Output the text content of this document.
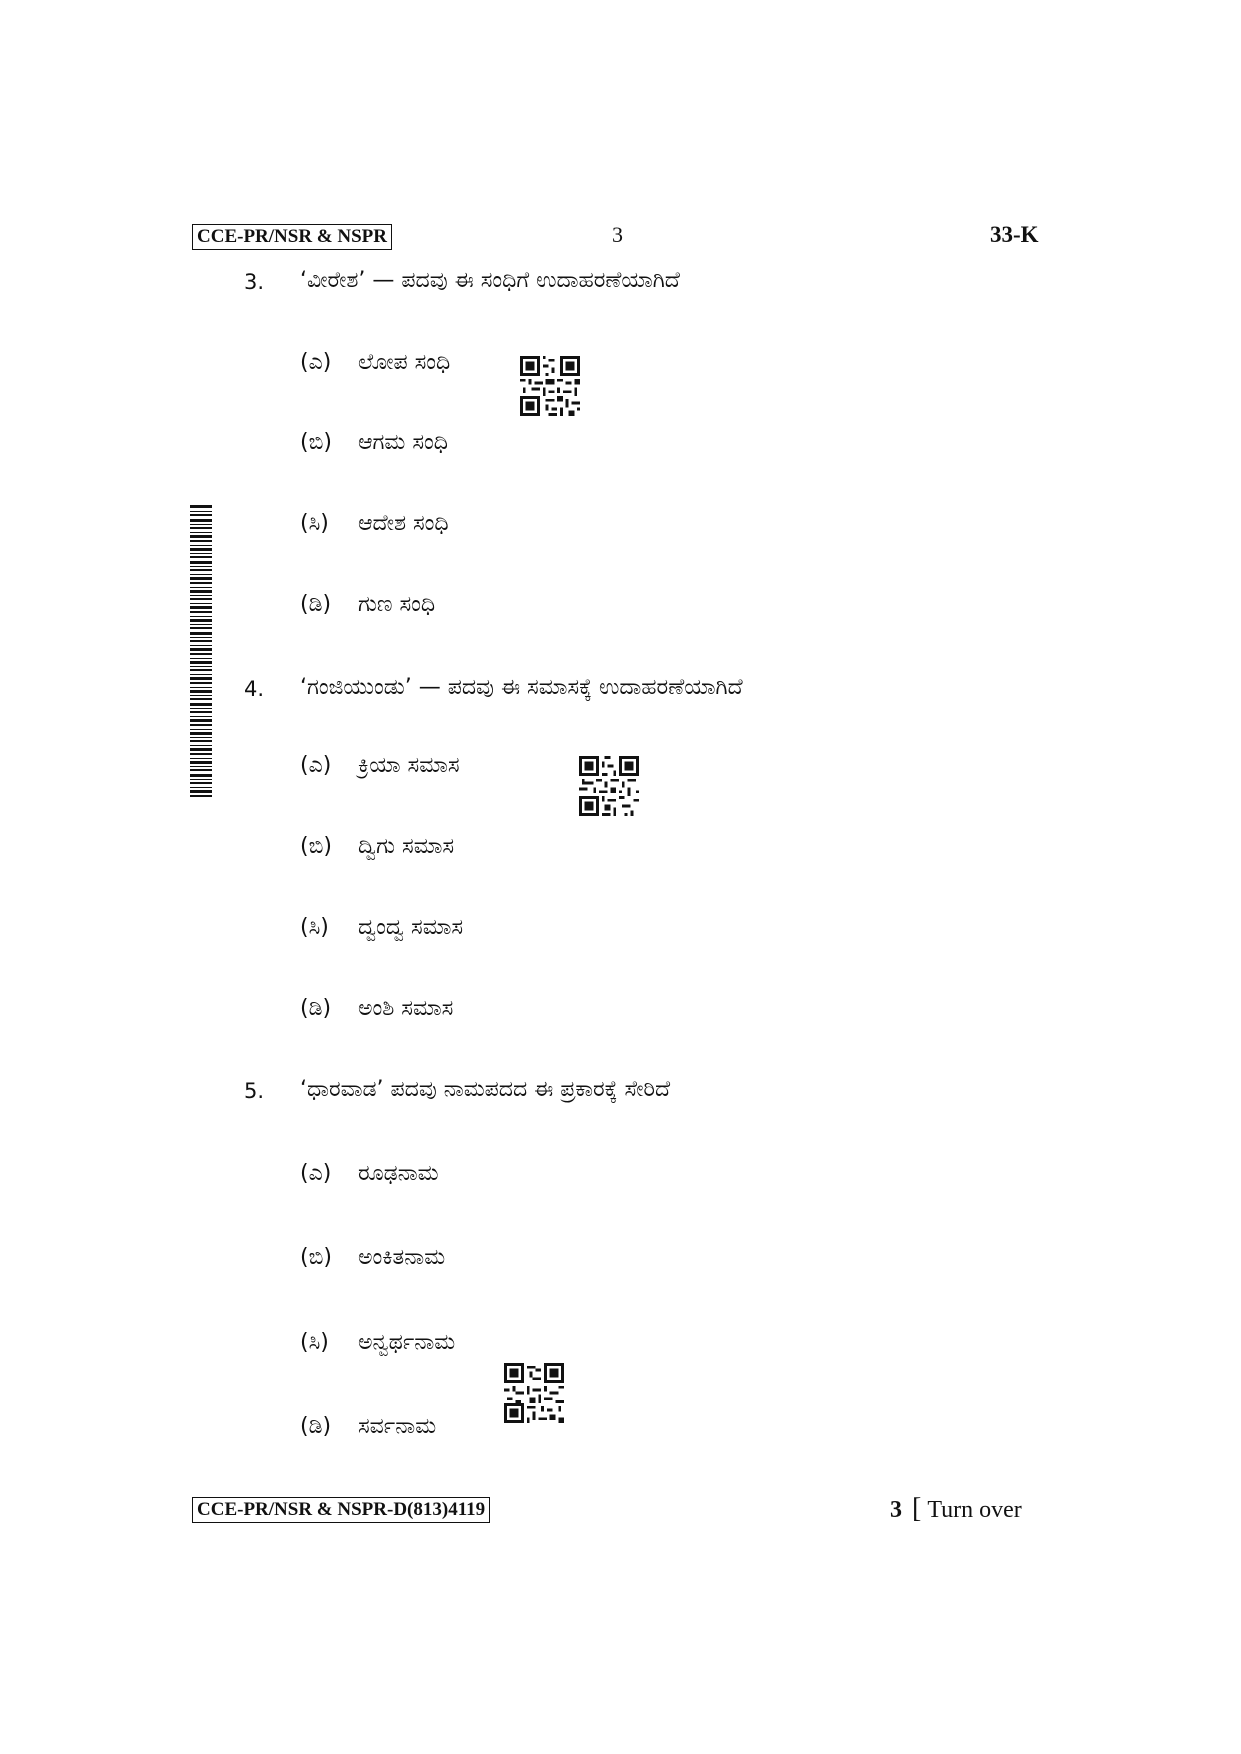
CCE-PR/NSR & NSPR	3	33-K
3. ‘ವೀರೇಶ’ — ಪದವು ಈ ಸಂಧಿಗೆ ಉದಾಹರಣೆಯಾಗಿದೆ
(ಎ) ಲೋಪ ಸಂಧಿ
(ಬಿ) ಆಗಮ ಸಂಧಿ
(ಸಿ) ಆದೇಶ ಸಂಧಿ
(ಡಿ) ಗುಣ ಸಂಧಿ
4. ‘ಗಂಜಿಯುಂಡು’ — ಪದವು ಈ ಸಮಾಸಕ್ಕೆ ಉದಾಹರಣೆಯಾಗಿದೆ
(ಎ) ಕ್ರಿಯಾ ಸಮಾಸ
(ಬಿ) ದ್ವಿಗು ಸಮಾಸ
(ಸಿ) ದ್ವಂದ್ವ ಸಮಾಸ
(ಡಿ) ಅಂಶಿ ಸಮಾಸ
5. ‘ಧಾರವಾಡ’ ಪದವು ನಾಮಪದದ ಈ ಪ್ರಕಾರಕ್ಕೆ ಸೇರಿದೆ
(ಎ) ರೂಢನಾಮ
(ಬಿ) ಅಂಕಿತನಾಮ
(ಸಿ) ಅನ್ವರ್ಥನಾಮ
(ಡಿ) ಸರ್ವನಾಮ
CCE-PR/NSR & NSPR-D(813)4119	3 [ Turn over
